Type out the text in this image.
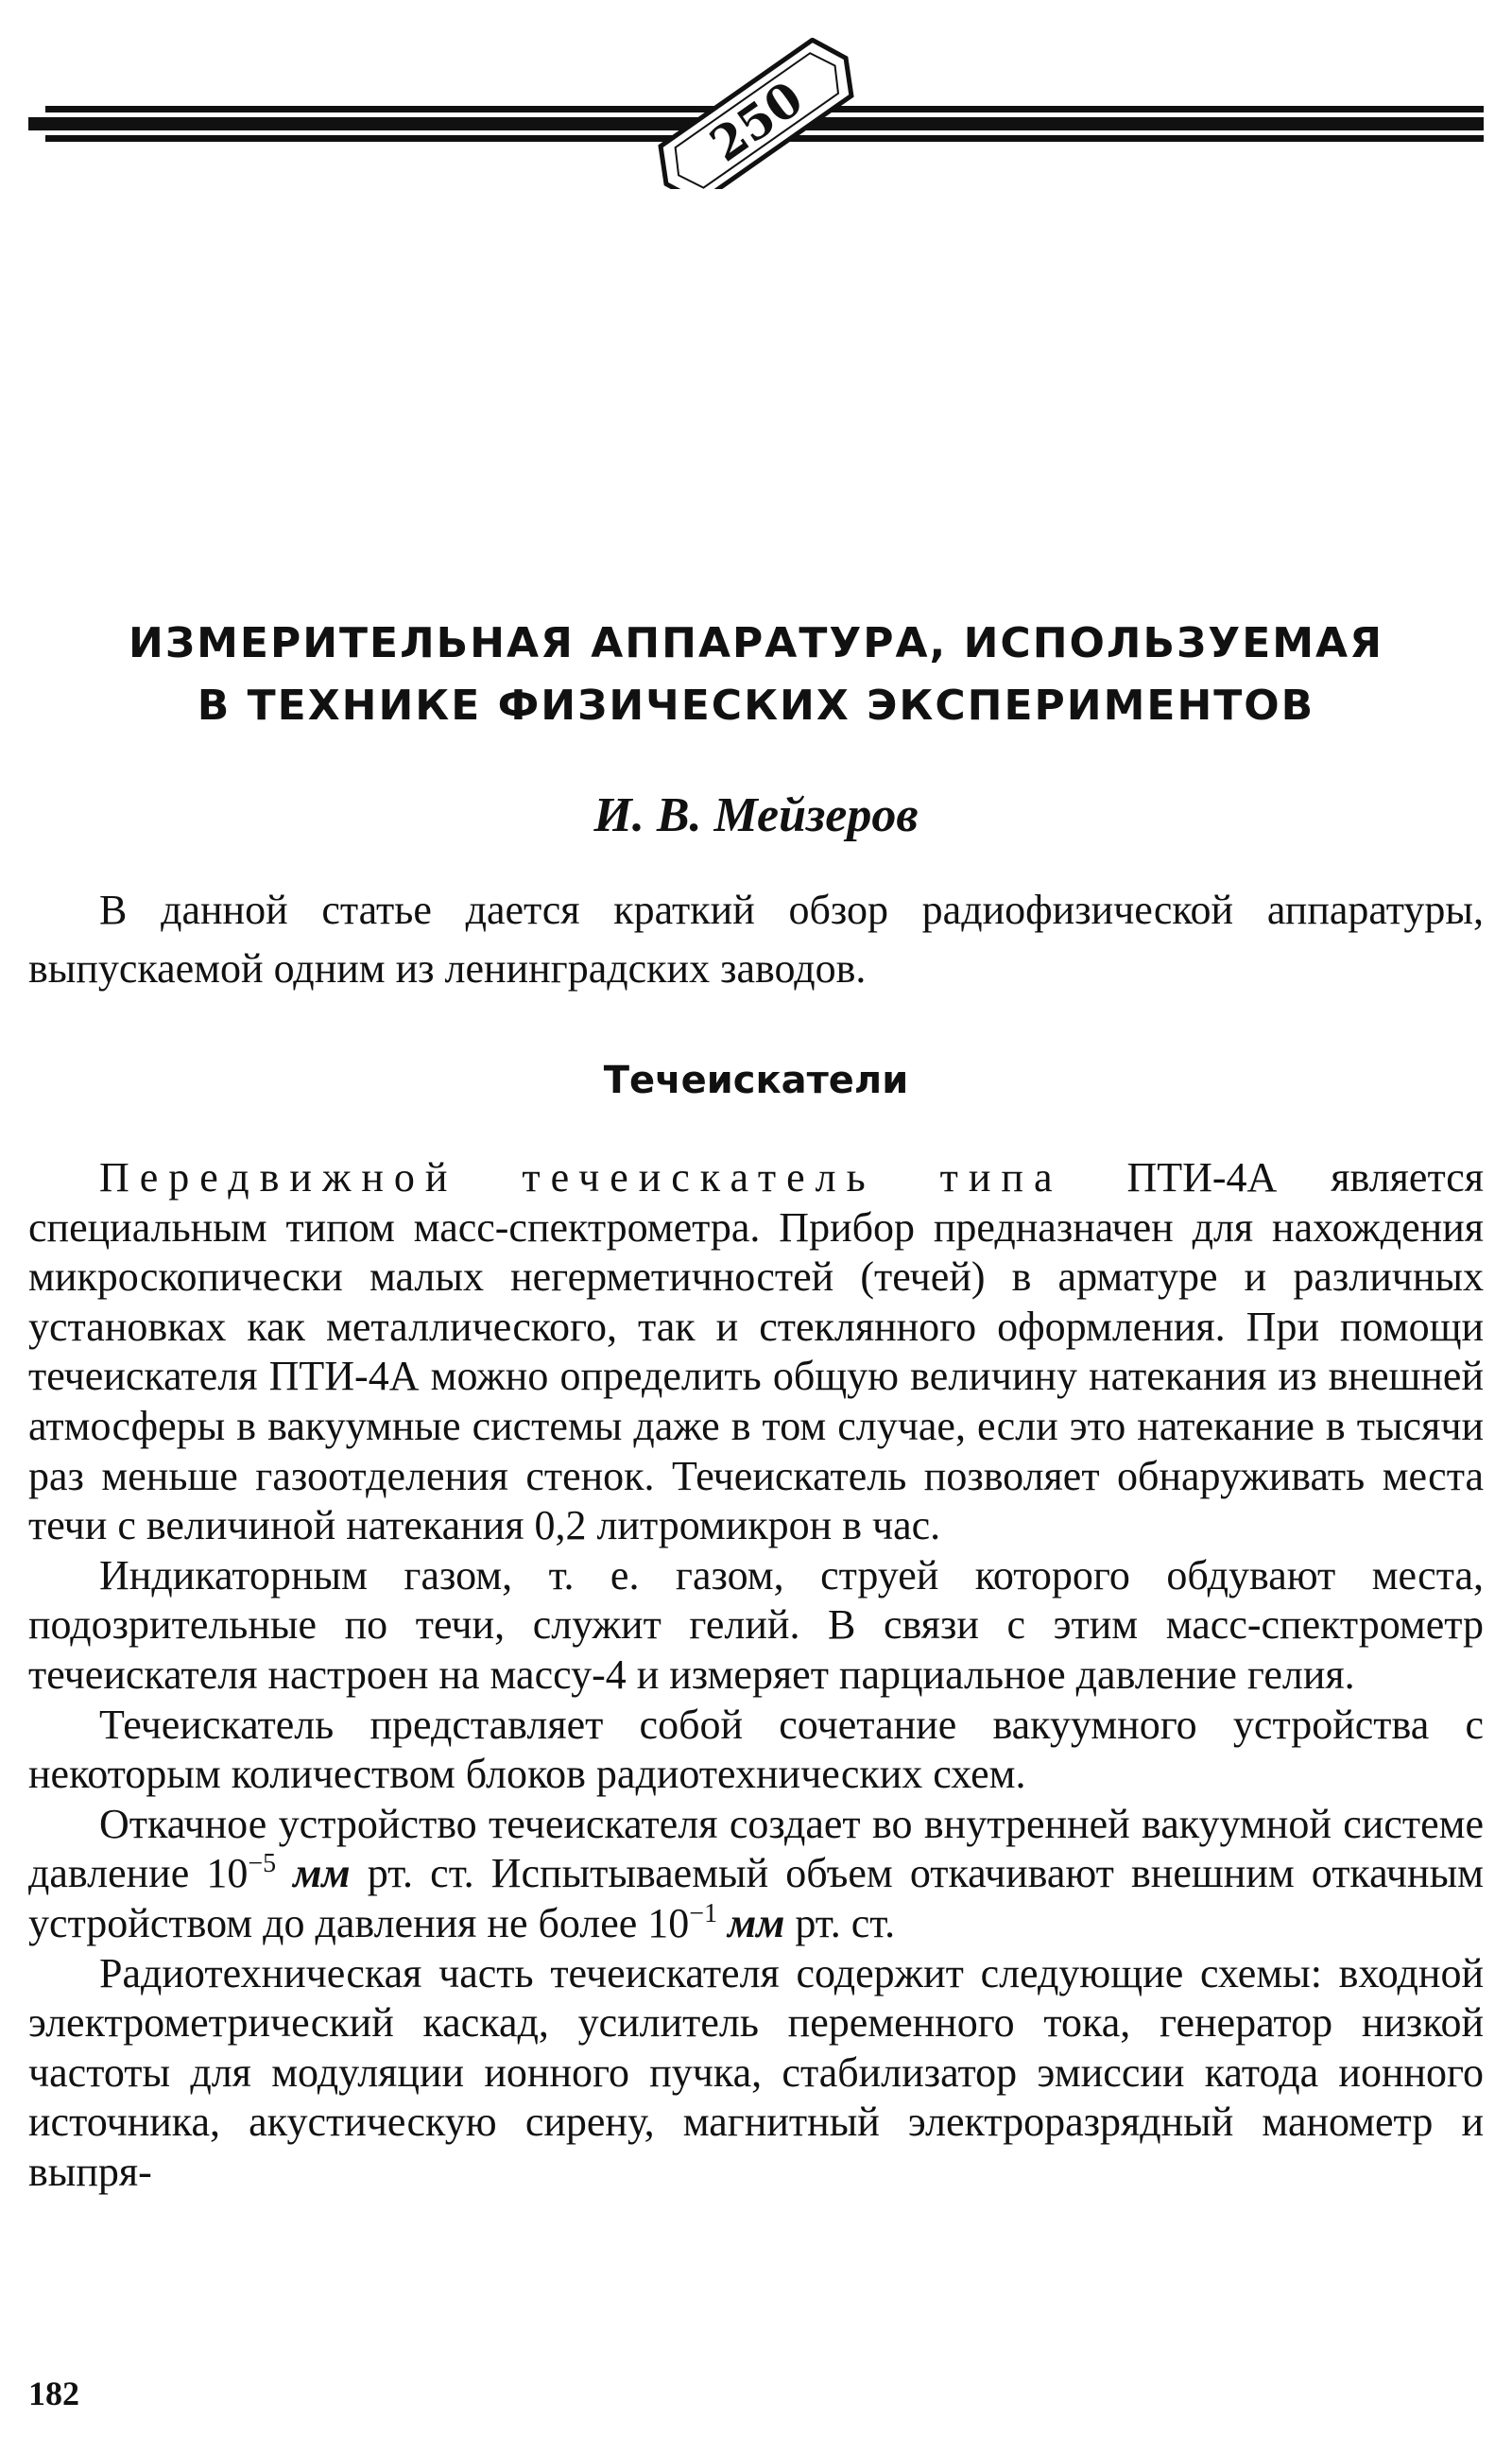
250
ИЗМЕРИТЕЛЬНАЯ АППАРАТУРА, ИСПОЛЬЗУЕМАЯ
В ТЕХНИКЕ ФИЗИЧЕСКИХ ЭКСПЕРИМЕНТОВ
И. В. Мейзеров

В данной статье дается краткий обзор радиофизической аппаратуры, выпускаемой одним из ленинградских заводов.

Течеискатели

Передвижной течеискатель типа ПТИ-4А является специальным типом масс-спектрометра. Прибор предназначен для нахождения микроскопически малых негерметичностей (течей) в арматуре и различных установках как металлического, так и стеклянного оформления. При помощи течеискателя ПТИ-4А можно определить общую величину натекания из внешней атмосферы в вакуумные системы даже в том случае, если это натекание в тысячи раз меньше газоотделения стенок. Течеискатель позволяет обнаруживать места течи с величиной натекания 0,2 литромикрон в час.

Индикаторным газом, т. е. газом, струей которого обдувают места, подозрительные по течи, служит гелий. В связи с этим масс-спектрометр течеискателя настроен на массу-4 и измеряет парциальное давление гелия.

Течеискатель представляет собой сочетание вакуумного устройства с некоторым количеством блоков радиотехнических схем.

Откачное устройство течеискателя создает во внутренней вакуумной системе давление $10^{-5}$ мм рт. ст. Испытываемый объем откачивают внешним откачным устройством до давления не более $10^{-1}$ мм рт. ст.

Радиотехническая часть течеискателя содержит следующие схемы: входной электрометрический каскад, усилитель переменного тока, генератор низкой частоты для модуляции ионного пучка, стабилизатор эмиссии катода ионного источника, акустическую сирену, магнитный электроразрядный манометр и выпря-

182
